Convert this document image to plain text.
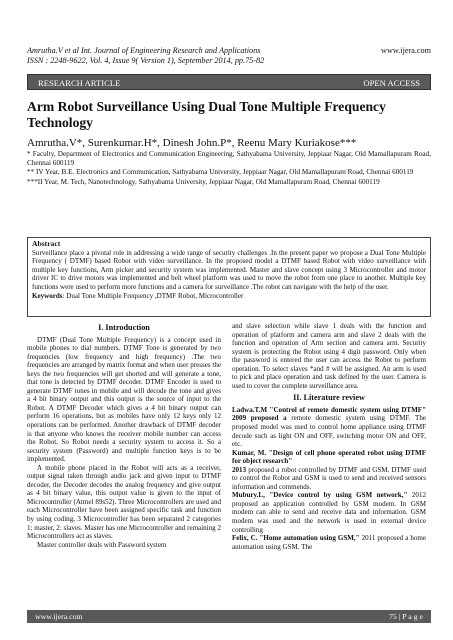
Amrutha.V et al Int. Journal of Engineering Research and Applications
ISSN : 2248-9622, Vol. 4, Issue 9( Version 1), September 2014, pp.75-82
www.ijera.com
RESEARCH ARTICLE	OPEN ACCESS
Arm Robot Surveillance Using Dual Tone Multiple Frequency Technology
Amrutha.V*, Surenkumar.H*, Dinesh John.P*, Reenu Mary Kuriakose***
* Faculty, Department of Electronics and Communication Engineering, Sathyabama University, Jeppiaar Nagar, Old Mamallapuram Road, Chennai 600119
** IV Year, B.E. Electronics and Communication, Sathyabama University, Jeppiaar Nagar, Old Mamallapuram Road, Chennai 600119
***II Year, M. Tech, Nanotechnology, Sathyabama University, Jeppiaar Nagar, Old Mamallapuram Road, Chennai 600119
Abstract
Surveillance place a pivotal role in addressing a wide range of security challenges .In the present paper we propose a Dual Tone Multiple Frequency ( DTMF) based Robot with video surveillance. In the proposed model a DTMF based Robot with video surveillance with multiple key functions, Arm picker and security system was implemented. Master and slave concept using 3 Microcontroller and motor driver IC to drive motors was implemented and belt wheel platform was used to move the robot from one place to another. Multiple key functions were used to perform more functions and a camera for surveillance .The robot can navigate with the help of the user.
Keywords: Dual Tone Multiple Frequency ,DTMF Robot, Microcontroller
I. Introduction

DTMF (Dual Tone Multiple Frequency) is a concept used in mobile phones to dial numbers. DTMF Tone is generated by two frequencies (low frequency and high frequency) .The two frequencies are arranged by matrix format and when user presses the keys the two frequencies will get shorted and will generate a tone, that tone is detected by DTMF decoder. DTMF Encoder is used to generate DTMF tones in mobile and will decode the tone and gives a 4 bit binary output and this output is the source of input to the Robot. A DTMF Decoder which gives a 4 bit binary output can perform 16 operations, but as mobiles have only 12 keys only 12 operations can be performed. Another drawback of DTMF decoder is that anyone who knows the receiver mobile number can access the Robot, So Robot needs a security system to access it. So a security system (Password) and multiple function keys is to be implemented.

A mobile phone placed in the Robot will acts as a receiver, output signal taken through audio jack and given input to DTMF decoder, the Decoder decodes the analog frequency and give output as 4 bit binary value, this output value is given to the input of Microcontroller (Atmel 89s52). Three Microcontrollers are used and each Microcontroller have been assigned specific task and function by using coding, 3 Microcontroller has been separated 2 categories 1: master, 2: slaves. Master has one Microcontroller and remaining 2 Microcontrollers act as slaves.

Master controller deals with Password system

and slave selection while slave 1 deals with the function and operation of platform and camera arm and slave 2 deals with the function and operation of Arm section and camera arm. Security system is protecting the Robot using 4 digit password. Only when the password is entered the user can access the Robot to perform operation. To select slaves *and # will be assigned. An arm is used to pick and place operation and task defined by the user. Camera is used to cover the complete surveillance area.

II. Literature review

Ladwa.T.M "Control of remote domestic system using DTMF" 2009 proposed a remote domestic system using DTMF. The proposed model was used to control home appliance using DTMF decode such as light ON and OFF, switching motor ON and OFF, etc.

Kumar, M. "Design of cell phone operated robot using DTMF for object research"

2013 proposed a robot controlled by DTMF and GSM. DTMF used to control the Robot and GSM is used to send and received sensors information and commends.

Mubury.L, "Device control by using GSM network," 2012 proposed an application controlled by GSM modem. In GSM modem can able to send and receive data and information. GSM modem was used and the network is used in external device controlling

Felix, C. "Home automation using GSM," 2011 proposed a home automation using GSM. The

www.ijera.com	75 | P a g e
